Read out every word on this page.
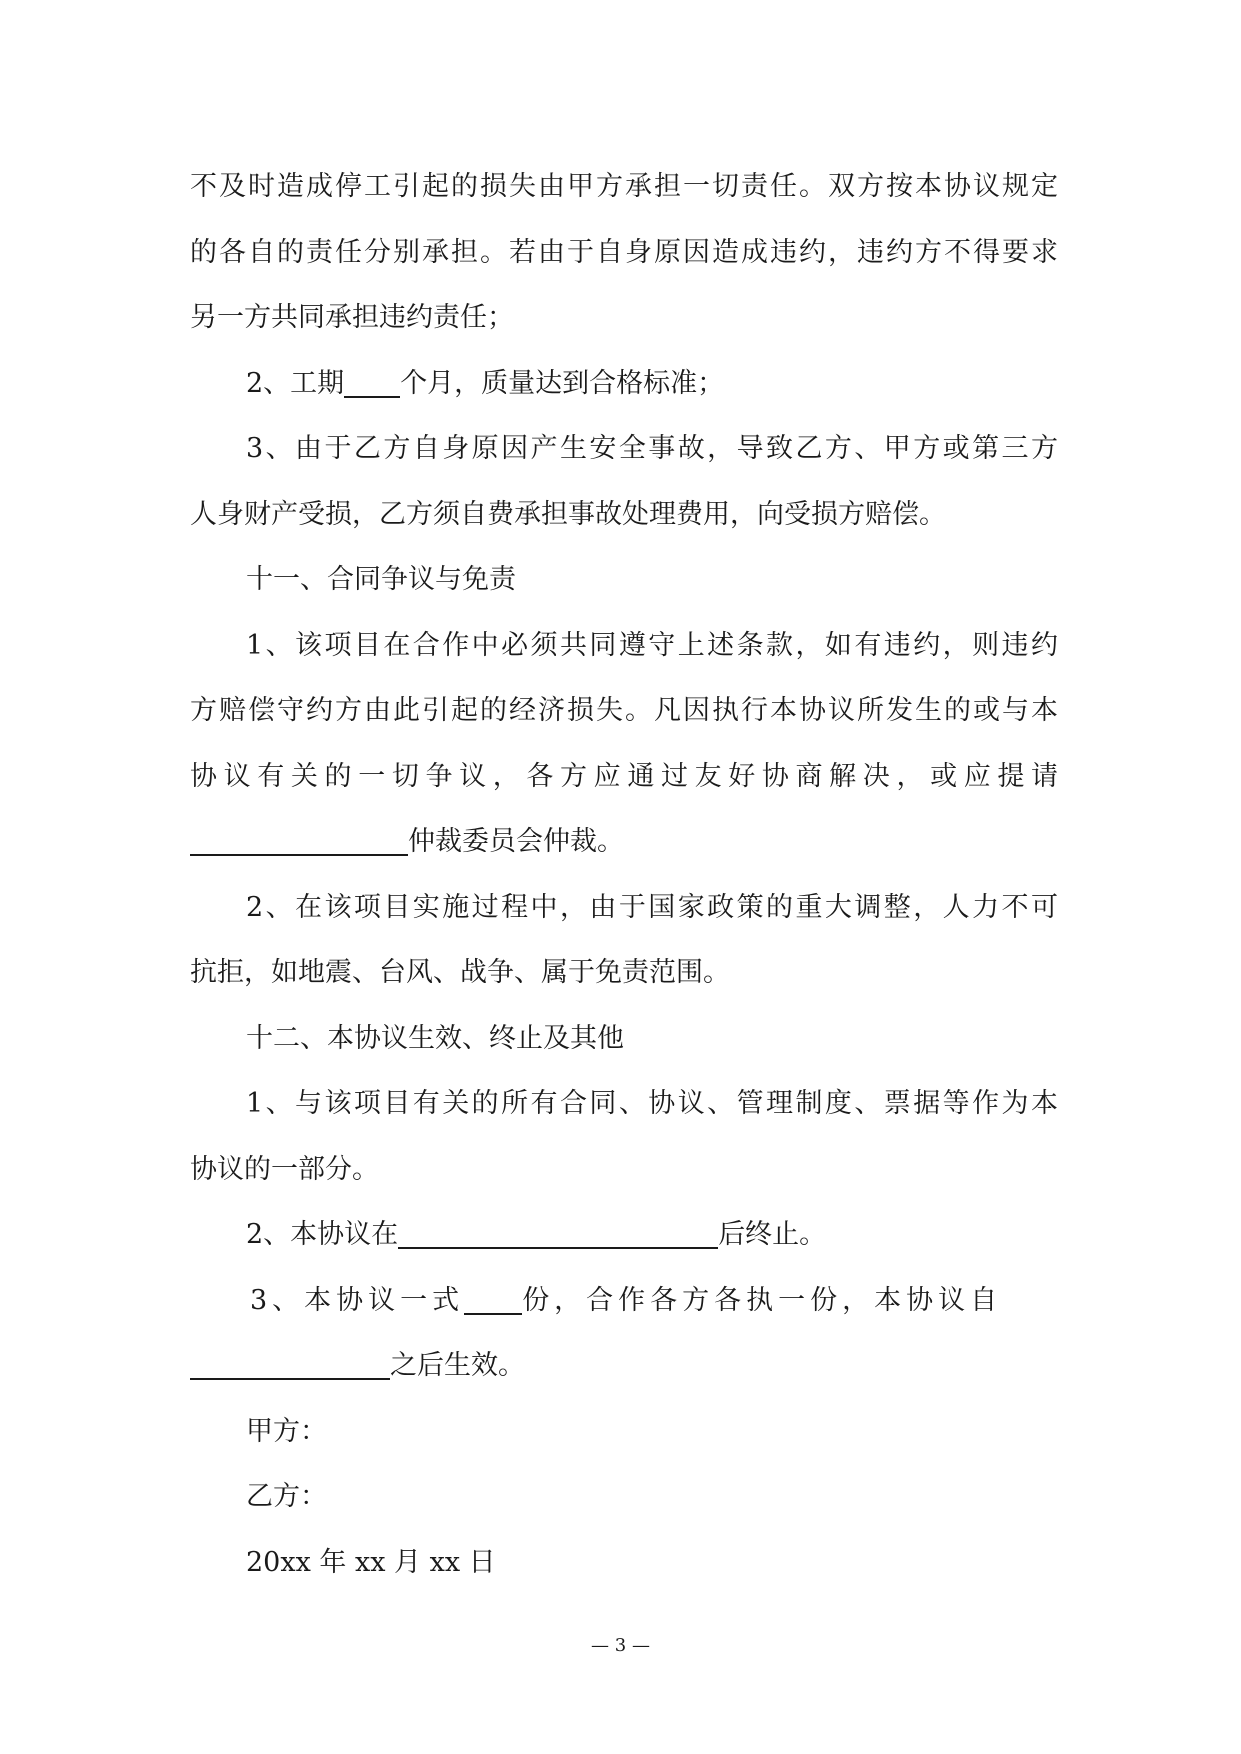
不及时造成停工引起的损失由甲方承担一切责任。双方按本协议规定
的各自的责任分别承担。若由于自身原因造成违约，违约方不得要求
另一方共同承担违约责任；
2、工期 个月，质量达到合格标准；
3、由于乙方自身原因产生安全事故，导致乙方、甲方或第三方
人身财产受损，乙方须自费承担事故处理费用，向受损方赔偿。
十一、合同争议与免责
1、该项目在合作中必须共同遵守上述条款，如有违约，则违约
方赔偿守约方由此引起的经济损失。凡因执行本协议所发生的或与本
协议有关的一切争议，各方应通过友好协商解决，或应提请
仲裁委员会仲裁。
2、在该项目实施过程中，由于国家政策的重大调整，人力不可
抗拒，如地震、台风、战争、属于免责范围。
十二、本协议生效、终止及其他
1、与该项目有关的所有合同、协议、管理制度、票据等作为本
协议的一部分。
2、本协议在	后终止。
3、本协议一式 份，合作各方各执一份，本协议自
之后生效。
甲方：
乙方：
20xx 年 xx 月 xx 日
— 3 —
